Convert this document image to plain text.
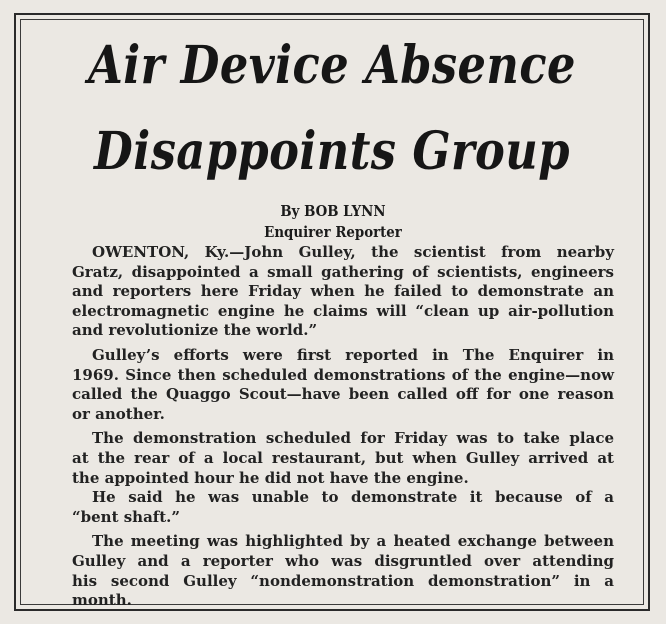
Air Device Absence
Disappoints Group
By BOB LYNN
Enquirer Reporter
OWENTON, Ky.—John Gulley, the scientist from nearby
Gratz, disappointed a small gathering of scientists, engineers
and reporters here Friday when he failed to demonstrate an
electromagnetic engine he claims will “clean up air-pollution
and revolutionize the world.”
Gulley’s efforts were first reported in The Enquirer in
1969. Since then scheduled demonstrations of the engine—now
called the Quaggo Scout—have been called off for one reason
or another.
The demonstration scheduled for Friday was to take place
at the rear of a local restaurant, but when Gulley arrived at
the appointed hour he did not have the engine.
He said he was unable to demonstrate it because of a
“bent shaft.”
The meeting was highlighted by a heated exchange between
Gulley and a reporter who was disgruntled over attending
his second Gulley “nondemonstration demonstration” in a
month.
